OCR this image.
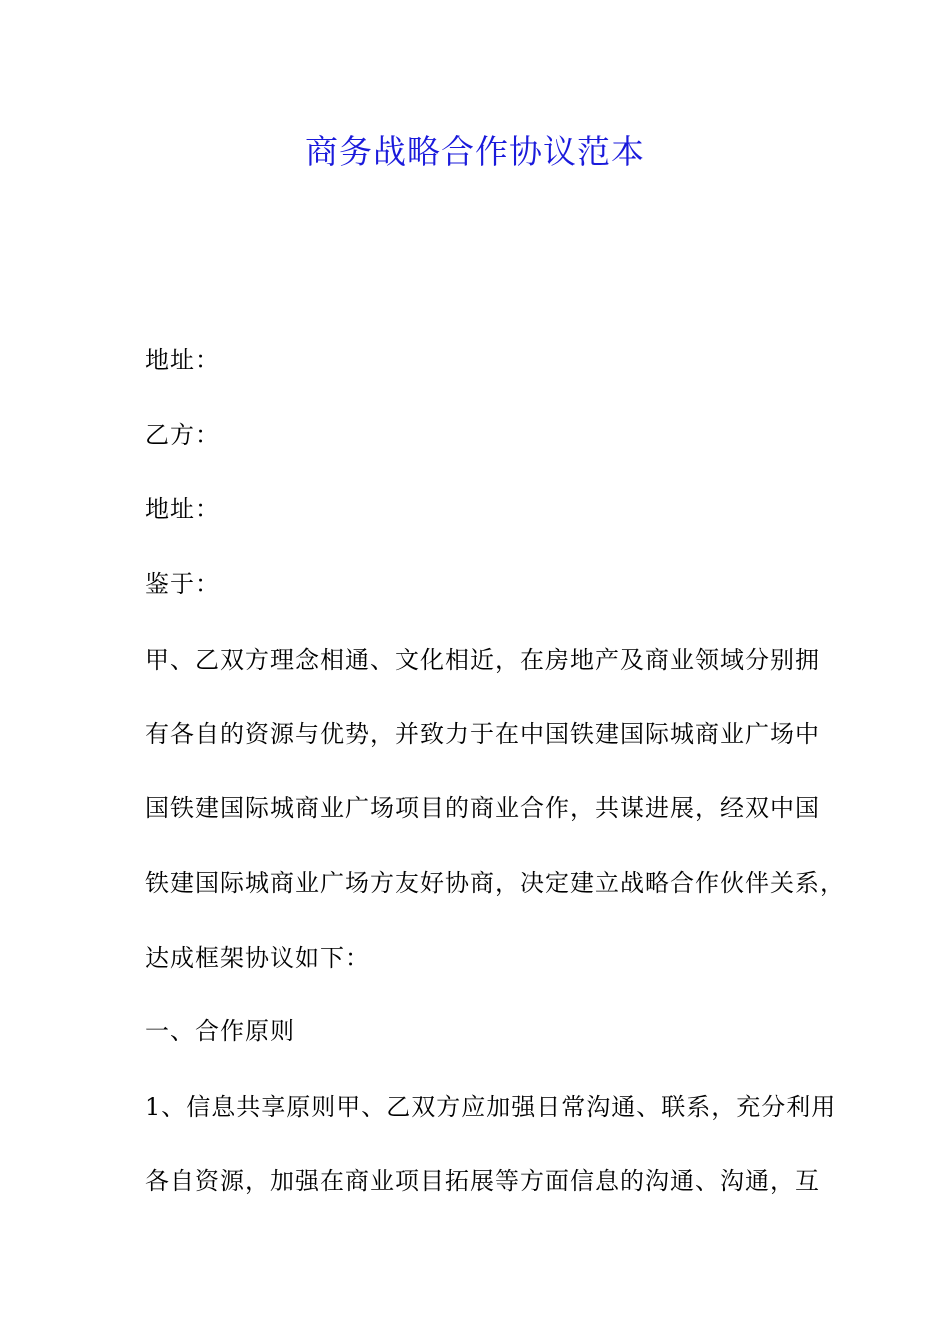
商务战略合作协议范本
地址：
乙方：
地址：
鉴于：
甲、乙双方理念相通、文化相近，在房地产及商业领域分别拥
有各自的资源与优势，并致力于在中国铁建国际城商业广场中
国铁建国际城商业广场项目的商业合作，共谋进展，经双中国
铁建国际城商业广场方友好协商，决定建立战略合作伙伴关系，
达成框架协议如下：
一、合作原则
1、信息共享原则甲、乙双方应加强日常沟通、联系，充分利用
各自资源，加强在商业项目拓展等方面信息的沟通、沟通，互
